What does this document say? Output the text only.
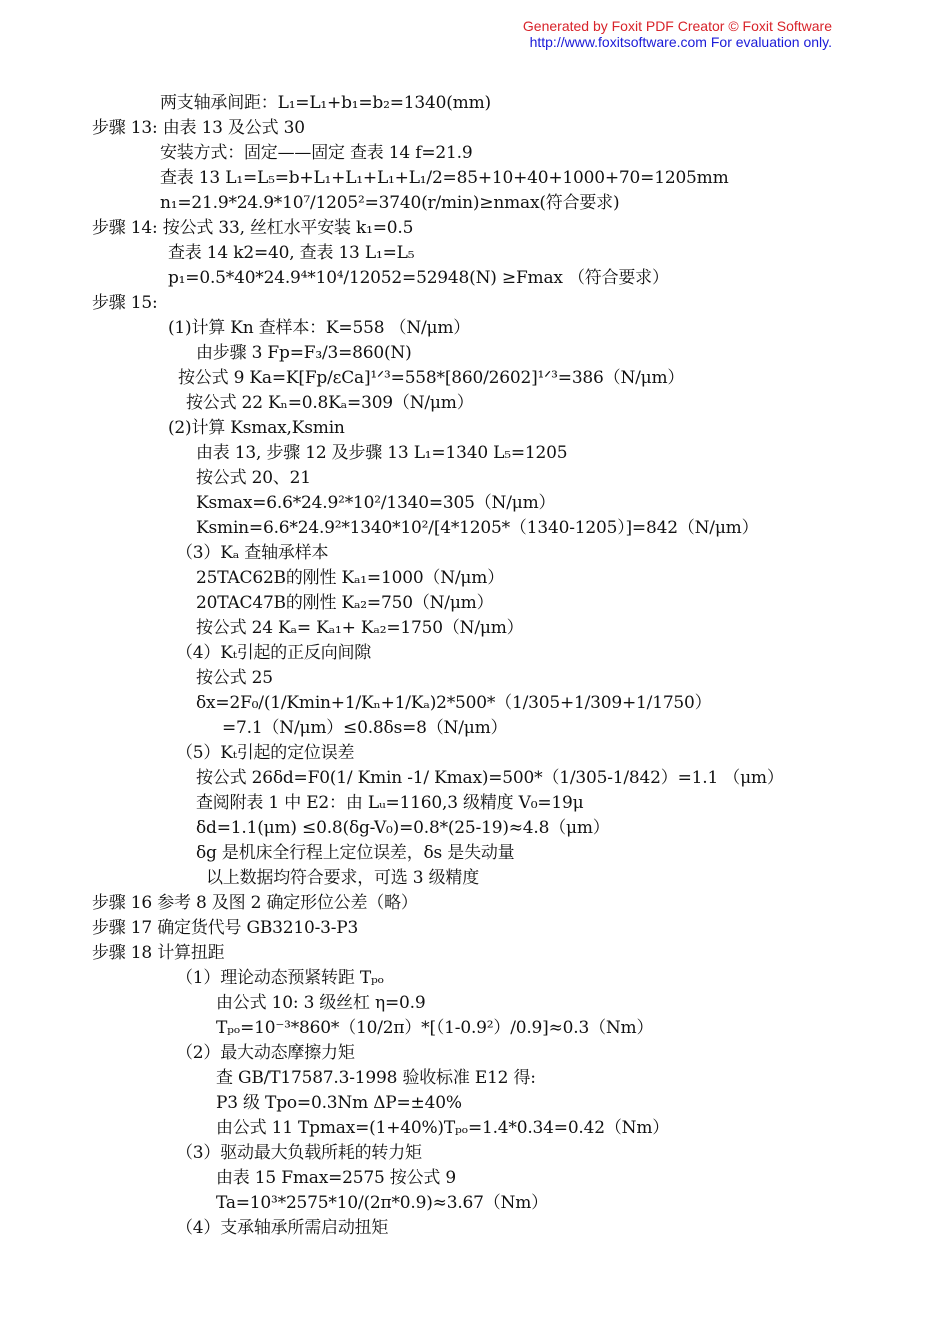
Generated by Foxit PDF Creator © Foxit Software
http://www.foxitsoftware.com For evaluation only.
两支轴承间距：L₁=L₁+b₁=b₂=1340(mm)
步骤 13: 由表 13 及公式 30
安装方式：固定——固定 查表 14 f=21.9
查表 13 L₁=L₅=b+L₁+L₁+L₁+L₁/2=85+10+40+1000+70=1205mm
n₁=21.9*24.9*10⁷/1205²=3740(r/min)≥nmax(符合要求)
步骤 14: 按公式 33, 丝杠水平安装 k₁=0.5
查表 14 k2=40, 查表 13 L₁=L₅
p₁=0.5*40*24.9⁴*10⁴/12052=52948(N) ≥Fmax （符合要求）
步骤 15:
(1)计算 Kn 查样本：K=558 （N/μm）
由步骤 3 Fp=F₃/3=860(N)
按公式 9 Ka=K[Fp/εCa]¹ᐟ³=558*[860/2602]¹ᐟ³=386（N/μm）
按公式 22 Kₙ=0.8Kₐ=309（N/μm）
(2)计算 Ksmax,Ksmin
由表 13, 步骤 12 及步骤 13 L₁=1340 L₅=1205
按公式 20、21
Ksmax=6.6*24.9²*10²/1340=305（N/μm）
Ksmin=6.6*24.9²*1340*10²/[4*1205*（1340-1205）]=842（N/μm）
（3）Kₐ 查轴承样本
25TAC62B的刚性 Kₐ₁=1000（N/μm）
20TAC47B的刚性 Kₐ₂=750（N/μm）
按公式 24 Kₐ= Kₐ₁+ Kₐ₂=1750（N/μm）
（4）Kₜ引起的正反向间隙
按公式 25
δx=2F₀/(1/Kmin+1/Kₙ+1/Kₐ)2*500*（1/305+1/309+1/1750）
=7.1（N/μm）≤0.8δs=8（N/μm）
（5）Kₜ引起的定位误差
按公式 26δd=F0(1/ Kmin -1/ Kmax)=500*（1/305-1/842）=1.1 （μm）
查阅附表 1 中 E2：由 Lᵤ=1160,3 级精度 V₀=19μ
δd=1.1(μm) ≤0.8(δg-V₀)=0.8*(25-19)≈4.8（μm）
δg 是机床全行程上定位误差，δs 是失动量
以上数据均符合要求，可选 3 级精度
步骤 16 参考 8 及图 2 确定形位公差（略）
步骤 17 确定货代号 GB3210-3-P3
步骤 18 计算扭距
（1）理论动态预紧转距 Tₚₒ
由公式 10: 3 级丝杠 η=0.9
Tₚₒ=10⁻³*860*（10/2π）*[（1-0.9²）/0.9]≈0.3（Nm）
（2）最大动态摩擦力矩
查 GB/T17587.3-1998 验收标准 E12 得:
P3 级 Tpo=0.3Nm ΔP=±40%
由公式 11 Tpmax=(1+40%)Tₚₒ=1.4*0.34=0.42（Nm）
（3）驱动最大负载所耗的转力矩
由表 15 Fmax=2575 按公式 9
Ta=10³*2575*10/(2π*0.9)≈3.67（Nm）
（4）支承轴承所需启动扭矩
